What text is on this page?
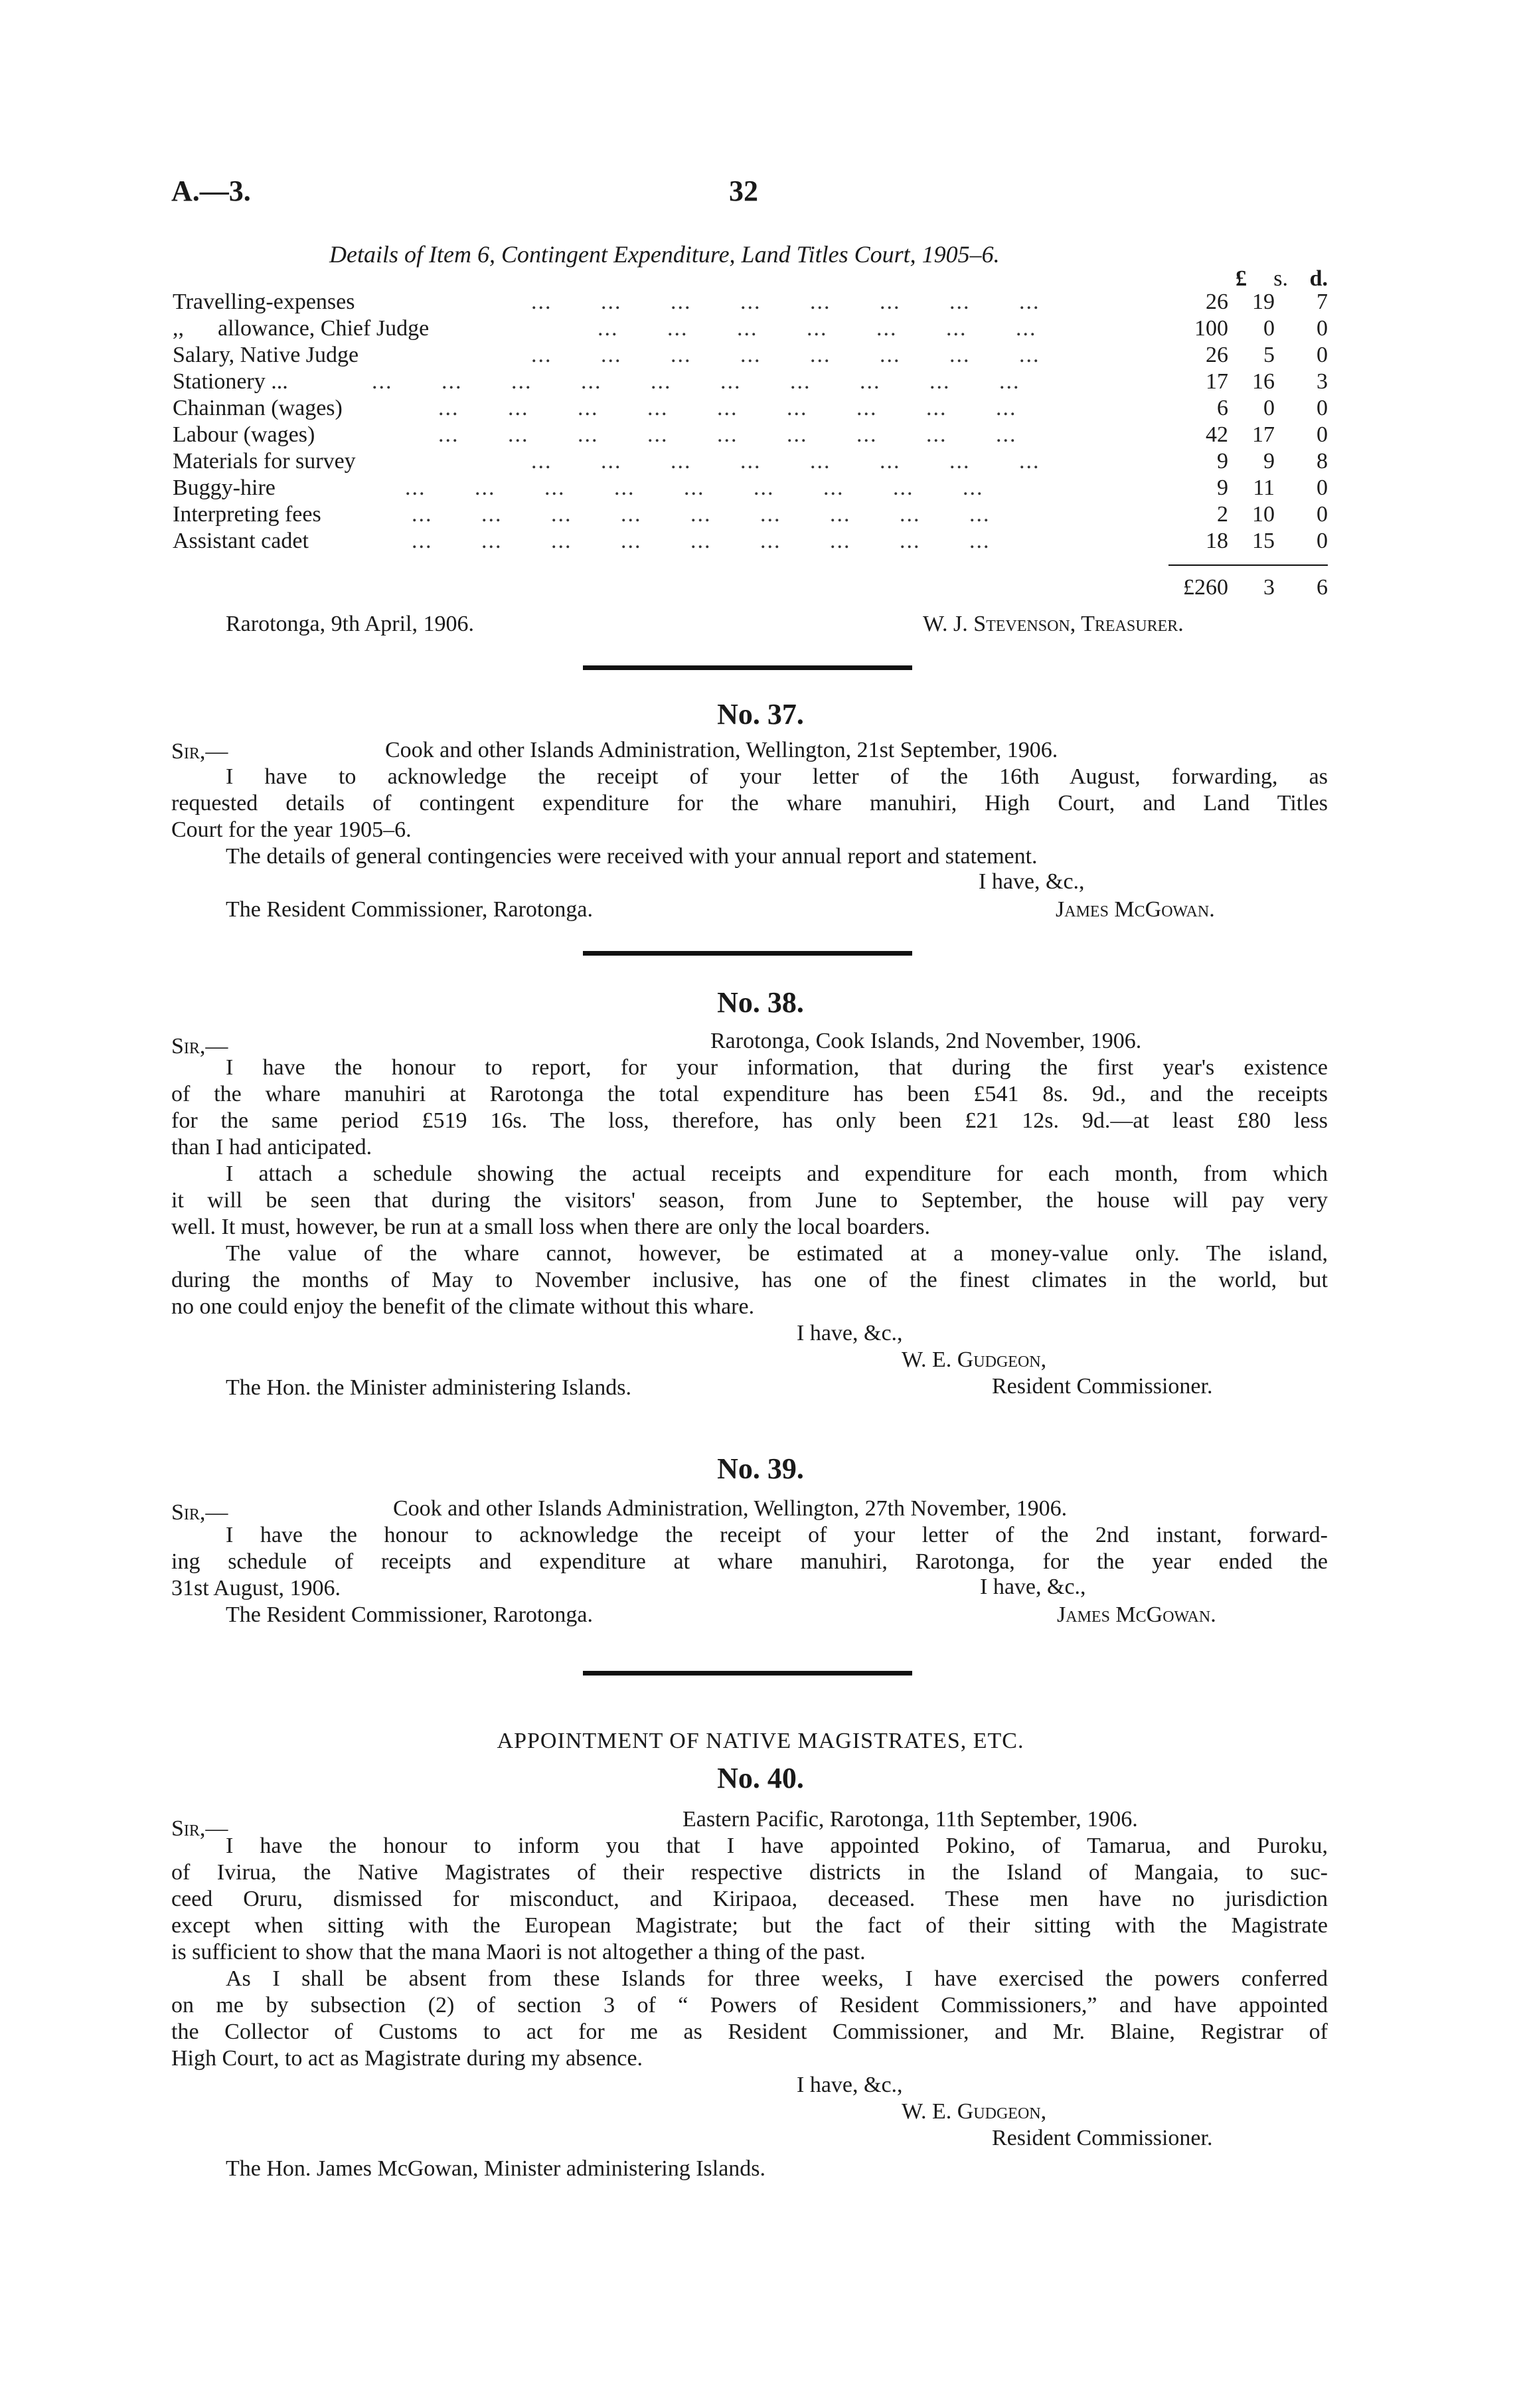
A.—3.	32
Details of Item 6, Contingent Expenditure, Land Titles Court, 1905–6.
£	s. d.
Travelling-expenses	...       ...       ...       ...       ...       ...       ...       ...	26	19	7
,,      allowance, Chief Judge	...       ...       ...       ...       ...       ...       ...	100	0	0
Salary, Native Judge	...       ...       ...       ...       ...       ...       ...       ...	26	5	0
Stationery ...	...       ...       ...       ...       ...       ...       ...       ...       ...       ...	17	16	3
Chainman (wages)	...       ...       ...       ...       ...       ...       ...       ...       ...	6	0	0
Labour (wages)	...       ...       ...       ...       ...       ...       ...       ...       ...	42	17	0
Materials for survey	...       ...       ...       ...       ...       ...       ...       ...	9	9	8
Buggy-hire	...       ...       ...       ...       ...       ...       ...       ...       ...	9	11	0
Interpreting fees	...       ...       ...       ...       ...       ...       ...       ...       ...	2	10	0
Assistant cadet	...       ...       ...       ...       ...       ...       ...       ...       ...	18	15	0
£260	3	6
Rarotonga, 9th April, 1906.	W. J. Stevenson, Treasurer.
No. 37.
Sir,—	Cook and other Islands Administration, Wellington, 21st September, 1906.
I have to acknowledge the receipt of your letter of the 16th August, forwarding, as
requested details of contingent expenditure for the whare manuhiri, High Court, and Land Titles
Court for the year 1905–6.
The details of general contingencies were received with your annual report and statement.
I have, &c.,
The Resident Commissioner, Rarotonga.	James McGowan.
No. 38.
Sir,—	Rarotonga, Cook Islands, 2nd November, 1906.
I have the honour to report, for your information, that during the first year's existence
of the whare manuhiri at Rarotonga the total expenditure has been £541 8s. 9d., and the receipts
for the same period £519 16s. The loss, therefore, has only been £21 12s. 9d.—at least £80 less
than I had anticipated.
I attach a schedule showing the actual receipts and expenditure for each month, from which
it will be seen that during the visitors' season, from June to September, the house will pay very
well. It must, however, be run at a small loss when there are only the local boarders.
The value of the whare cannot, however, be estimated at a money-value only. The island,
during the months of May to November inclusive, has one of the finest climates in the world, but
no one could enjoy the benefit of the climate without this whare.
I have, &c.,
W. E. Gudgeon,
The Hon. the Minister administering Islands.	Resident Commissioner.
No. 39.
Sir,—	Cook and other Islands Administration, Wellington, 27th November, 1906.
I have the honour to acknowledge the receipt of your letter of the 2nd instant, forward-
ing schedule of receipts and expenditure at whare manuhiri, Rarotonga, for the year ended the
31st August, 1906.	I have, &c.,
The Resident Commissioner, Rarotonga.	James McGowan.
APPOINTMENT OF NATIVE MAGISTRATES, ETC.
No. 40.
Sir,—	Eastern Pacific, Rarotonga, 11th September, 1906.
I have the honour to inform you that I have appointed Pokino, of Tamarua, and Puroku,
of Ivirua, the Native Magistrates of their respective districts in the Island of Mangaia, to suc-
ceed Oruru, dismissed for misconduct, and Kiripaoa, deceased. These men have no jurisdiction
except when sitting with the European Magistrate; but the fact of their sitting with the Magistrate
is sufficient to show that the mana Maori is not altogether a thing of the past.
As I shall be absent from these Islands for three weeks, I have exercised the powers conferred
on me by subsection (2) of section 3 of “ Powers of Resident Commissioners,” and have appointed
the Collector of Customs to act for me as Resident Commissioner, and Mr. Blaine, Registrar of
High Court, to act as Magistrate during my absence.
I have, &c.,
W. E. Gudgeon,
Resident Commissioner.
The Hon. James McGowan, Minister administering Islands.
